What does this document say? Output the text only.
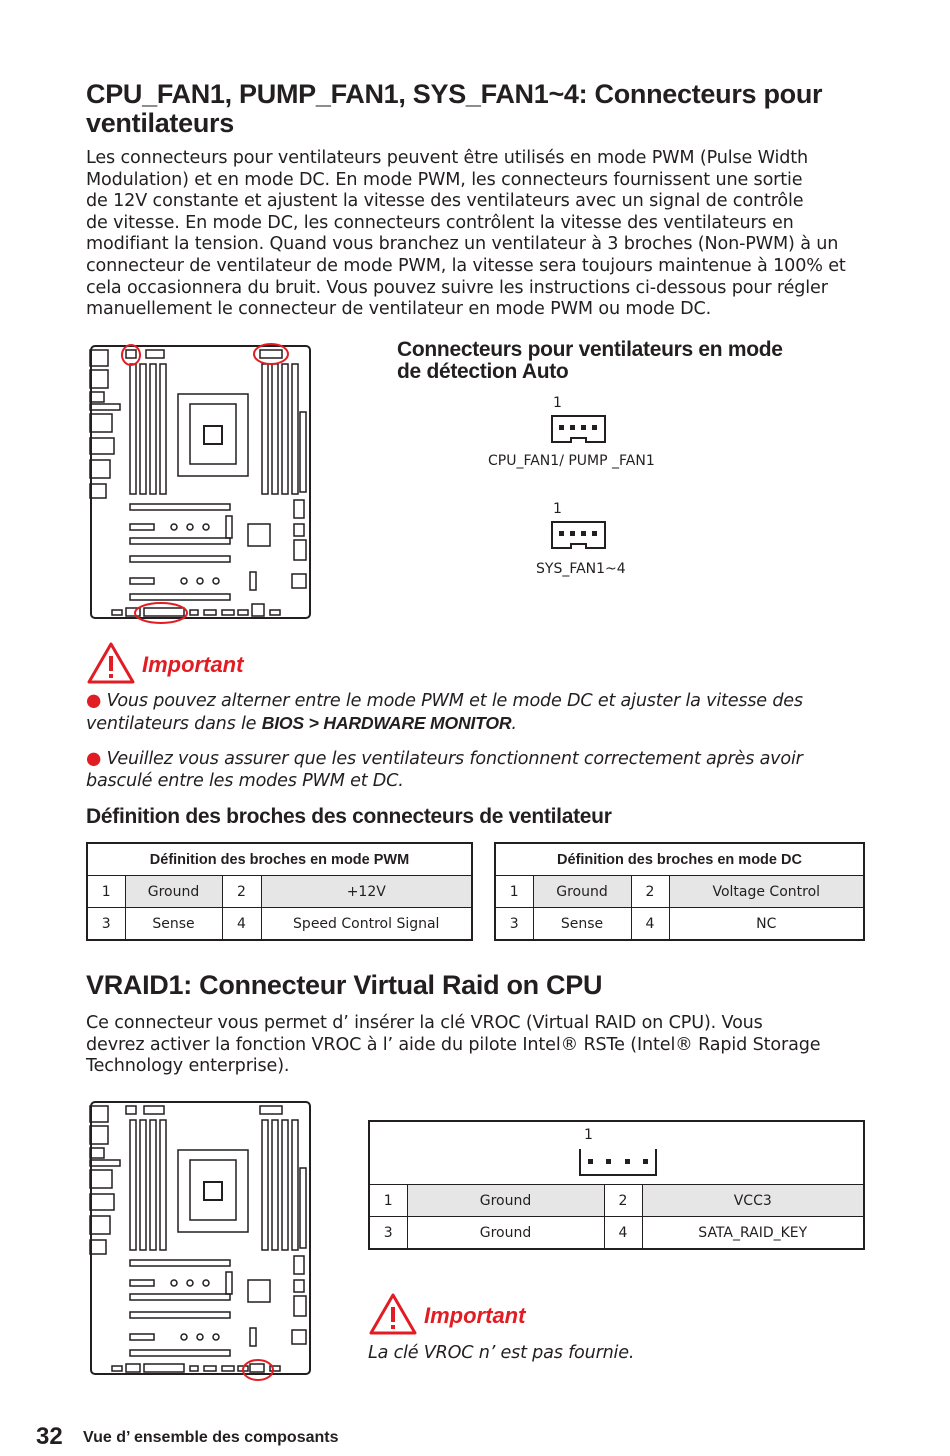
CPU_FAN1, PUMP_FAN1, SYS_FAN1~4: Connecteurs pour
ventilateurs
Les connecteurs pour ventilateurs peuvent être utilisés en mode PWM (Pulse Width
Modulation) et en mode DC. En mode PWM, les connecteurs fournissent une sortie
de 12V constante et ajustent la vitesse des ventilateurs avec un signal de contrôle
de vitesse. En mode DC, les connecteurs contrôlent la vitesse des ventilateurs en
modifiant la tension. Quand vous branchez un ventilateur à 3 broches (Non-PWM) à un
connecteur de ventilateur de mode PWM, la vitesse sera toujours maintenue à 100% et
cela occasionnera du bruit. Vous pouvez suivre les instructions ci-dessous pour régler
manuellement le connecteur de ventilateur en mode PWM ou mode DC.
Connecteurs pour ventilateurs en mode
de détection Auto
1
CPU_FAN1/ PUMP _FAN1
1
SYS_FAN1~4
Important
● Vous pouvez alterner entre le mode PWM et le mode DC et ajuster la vitesse des
ventilateurs dans le BIOS > HARDWARE MONITOR.
● Veuillez vous assurer que les ventilateurs fonctionnent correctement après avoir
basculé entre les modes PWM et DC.
Définition des broches des connecteurs de ventilateur
Définition des broches en mode PWM			
1	Ground	2	+12V
3	Sense	4	Speed Control Signal
Définition des broches en mode DC			
1	Ground	2	Voltage Control
3	Sense	4	NC
VRAID1: Connecteur Virtual Raid on CPU
Ce connecteur vous permet d’ insérer la clé VROC (Virtual RAID on CPU). Vous
devrez activer la fonction VROC à l’ aide du pilote Intel® RSTe (Intel® Rapid Storage
Technology enterprise).
1
1	Ground	2	VCC3
3	Ground	4	SATA_RAID_KEY
Important
La clé VROC n’ est pas fournie.
32 Vue d’ ensemble des composants
